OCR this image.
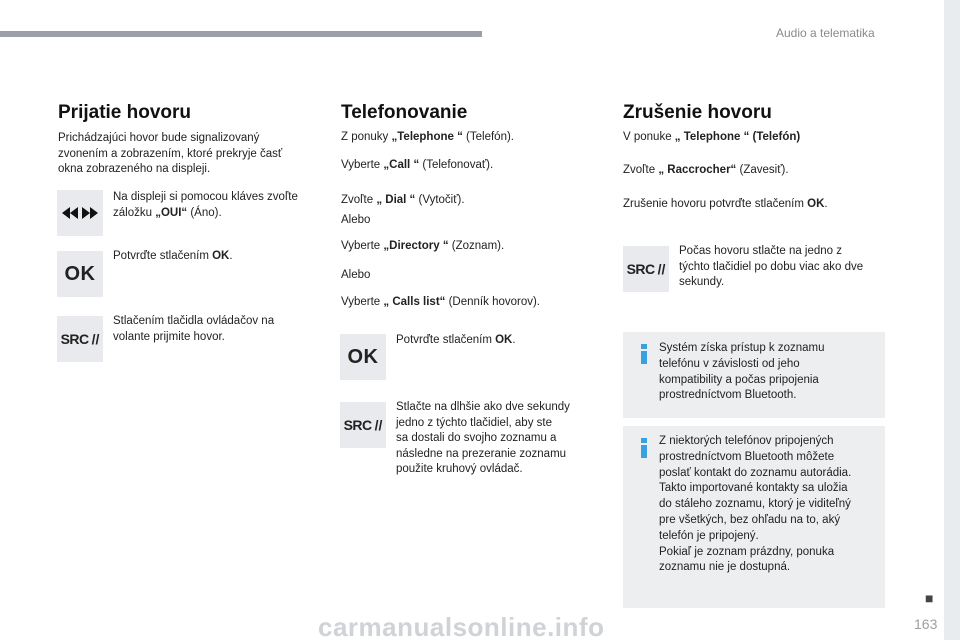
Audio a telematika
■
163
carmanualsonline.info
Prijatie hovoru
Prichádzajúci hovor bude signalizovaný
zvonením a zobrazením, ktoré prekryje časť
okna zobrazeného na displeji.
Na displeji si pomocou kláves zvoľte
záložku „OUI“ (Áno).
OK
Potvrďte stlačením OK.
SRC //
Stlačením tlačidla ovládačov na
volante prijmite hovor.
Telefonovanie
Z ponuky „Telephone “ (Telefón).
Vyberte „Call “ (Telefonovať).
Zvoľte „ Dial “ (Vytočiť).
Alebo
Vyberte „Directory “ (Zoznam).
Alebo
Vyberte „ Calls list“ (Denník hovorov).
OK
Potvrďte stlačením OK.
SRC //
Stlačte na dlhšie ako dve sekundy
jedno z týchto tlačidiel, aby ste
sa dostali do svojho zoznamu a
následne na prezeranie zoznamu
použite kruhový ovládač.
Zrušenie hovoru
V ponuke „ Telephone “ (Telefón)
Zvoľte „ Raccrocher“ (Zavesiť).
Zrušenie hovoru potvrďte stlačením OK.
SRC //
Počas hovoru stlačte na jedno z
týchto tlačidiel po dobu viac ako dve
sekundy.
Systém získa prístup k zoznamu
telefónu v závislosti od jeho
kompatibility a počas pripojenia
prostredníctvom Bluetooth.
Z niektorých telefónov pripojených
prostredníctvom Bluetooth môžete
poslať kontakt do zoznamu autorádia.
Takto importované kontakty sa uložia
do stáleho zoznamu, ktorý je viditeľný
pre všetkých, bez ohľadu na to, aký
telefón je pripojený.
Pokiaľ je zoznam prázdny, ponuka
zoznamu nie je dostupná.
